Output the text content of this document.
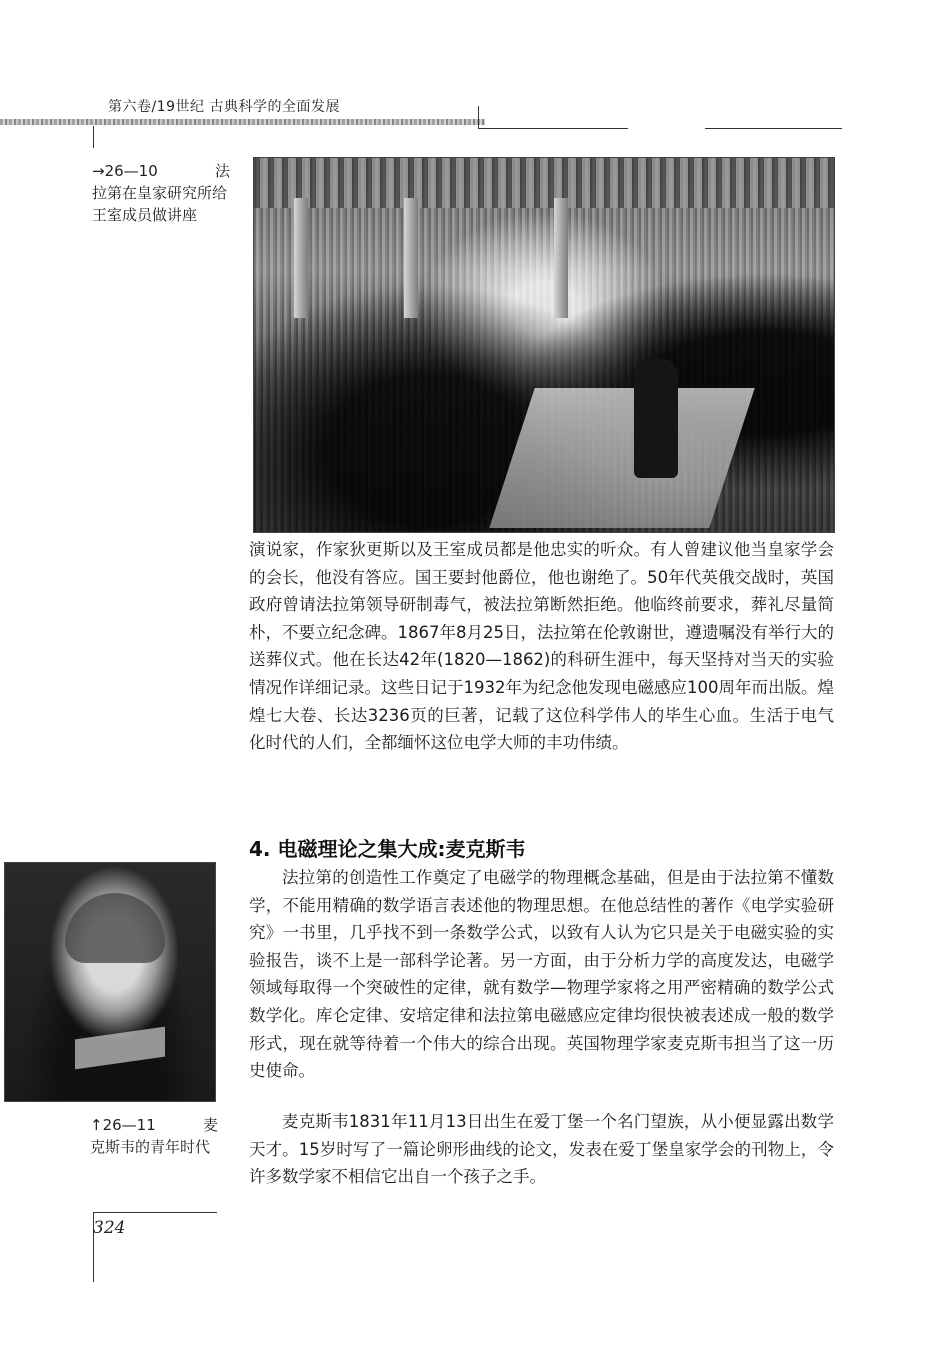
第六卷/19世纪 古典科学的全面发展
→26—10 法
拉第在皇家研究所给王室成员做讲座

演说家，作家狄更斯以及王室成员都是他忠实的听众。有人曾建议他当皇家学会的会长，他没有答应。国王要封他爵位，他也谢绝了。50年代英俄交战时，英国政府曾请法拉第领导研制毒气，被法拉第断然拒绝。他临终前要求，葬礼尽量简朴，不要立纪念碑。1867年8月25日，法拉第在伦敦谢世，遵遗嘱没有举行大的送葬仪式。他在长达42年(1820—1862)的科研生涯中，每天坚持对当天的实验情况作详细记录。这些日记于1932年为纪念他发现电磁感应100周年而出版。煌煌七大卷、长达3236页的巨著，记载了这位科学伟人的毕生心血。生活于电气化时代的人们，全都缅怀这位电学大师的丰功伟绩。

4. 电磁理论之集大成:麦克斯韦

法拉第的创造性工作奠定了电磁学的物理概念基础，但是由于法拉第不懂数学，不能用精确的数学语言表述他的物理思想。在他总结性的著作《电学实验研究》一书里，几乎找不到一条数学公式，以致有人认为它只是关于电磁实验的实验报告，谈不上是一部科学论著。另一方面，由于分析力学的高度发达，电磁学领域每取得一个突破性的定律，就有数学—物理学家将之用严密精确的数学公式数学化。库仑定律、安培定律和法拉第电磁感应定律均很快被表述成一般的数学形式，现在就等待着一个伟大的综合出现。英国物理学家麦克斯韦担当了这一历史使命。

↑26—11 麦
克斯韦的青年时代

麦克斯韦1831年11月13日出生在爱丁堡一个名门望族，从小便显露出数学天才。15岁时写了一篇论卵形曲线的论文，发表在爱丁堡皇家学会的刊物上，令许多数学家不相信它出自一个孩子之手。

324
